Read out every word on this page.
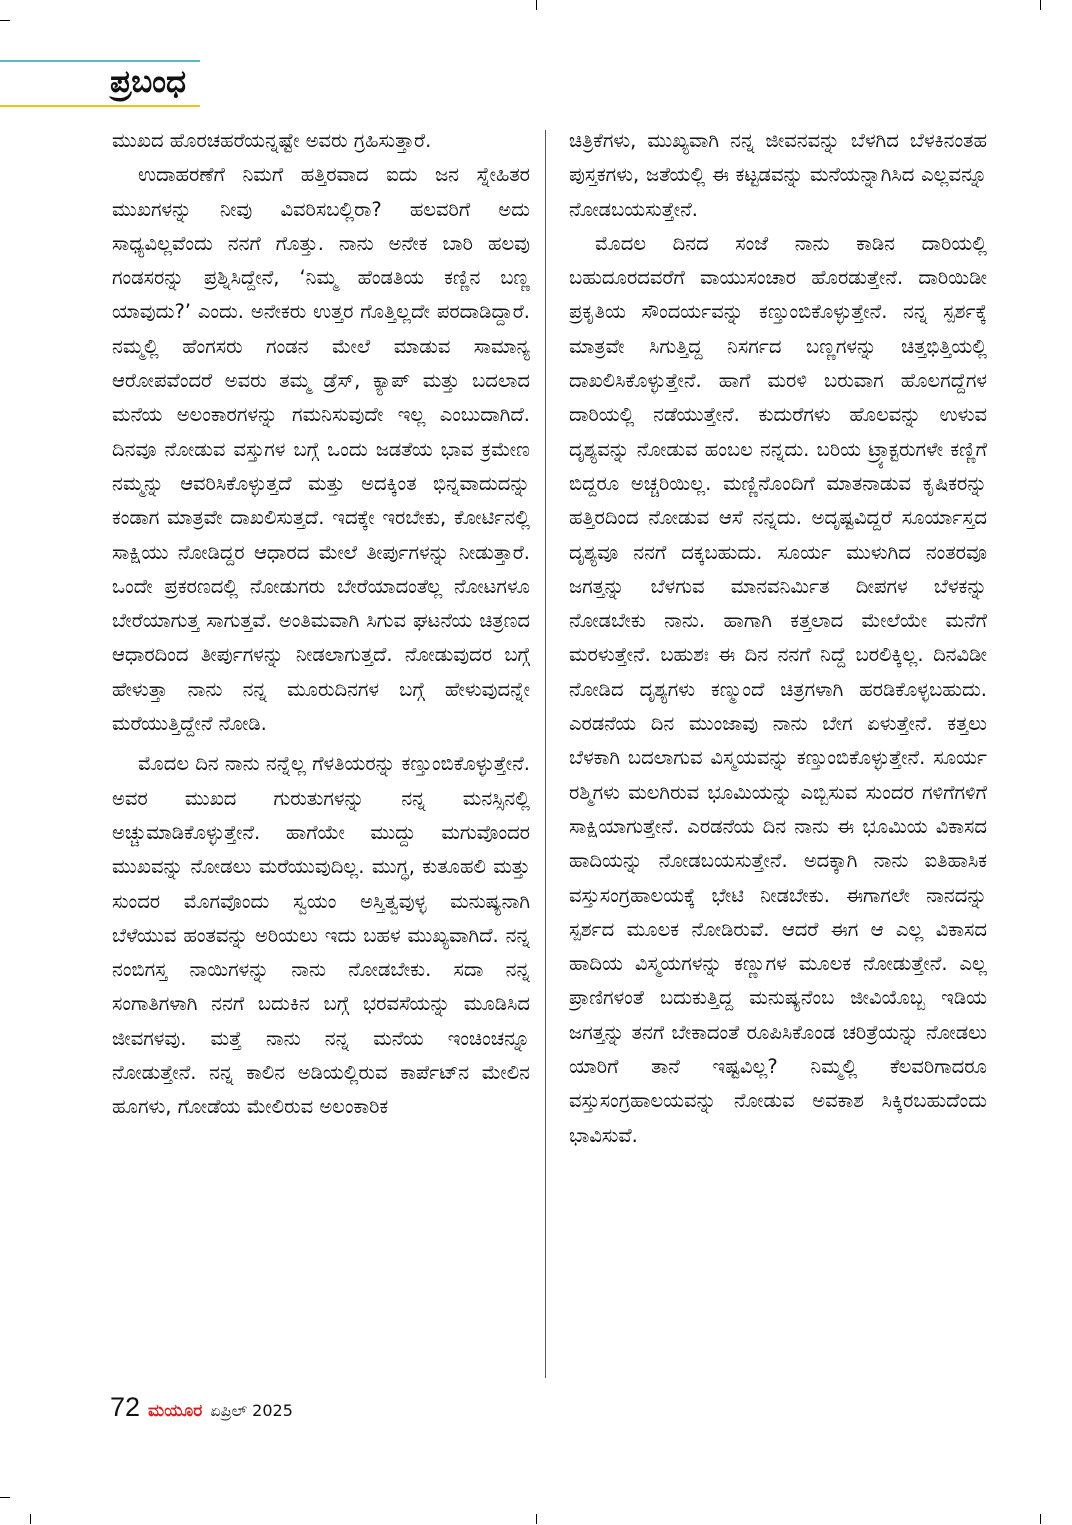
ಪ್ರಬಂಧ

ಮುಖದ ಹೊರಚಹರೆಯನ್ನಷ್ಟೇ ಅವರು ಗ್ರಹಿಸುತ್ತಾರೆ.

ಉದಾಹರಣೆಗೆ ನಿಮಗೆ ಹತ್ತಿರವಾದ ಐದು ಜನ ಸ್ನೇಹಿತರ ಮುಖಗಳನ್ನು ನೀವು ವಿವರಿಸಬಲ್ಲಿರಾ? ಹಲವರಿಗೆ ಅದು ಸಾಧ್ಯವಿಲ್ಲವೆಂದು ನನಗೆ ಗೊತ್ತು. ನಾನು ಅನೇಕ ಬಾರಿ ಹಲವು ಗಂಡಸರನ್ನು ಪ್ರಶ್ನಿಸಿದ್ದೇನೆ, ‘ನಿಮ್ಮ ಹೆಂಡತಿಯ ಕಣ್ಣಿನ ಬಣ್ಣ ಯಾವುದು?’ ಎಂದು. ಅನೇಕರು ಉತ್ತರ ಗೊತ್ತಿಲ್ಲದೇ ಪರದಾಡಿದ್ದಾರೆ. ನಮ್ಮಲ್ಲಿ ಹೆಂಗಸರು ಗಂಡನ ಮೇಲೆ ಮಾಡುವ ಸಾಮಾನ್ಯ ಆರೋಪವೆಂದರೆ ಅವರು ತಮ್ಮ ಡ್ರೆಸ್, ಕ್ಯಾಪ್ ಮತ್ತು ಬದಲಾದ ಮನೆಯ ಅಲಂಕಾರಗಳನ್ನು ಗಮನಿಸುವುದೇ ಇಲ್ಲ ಎಂಬುದಾಗಿದೆ. ದಿನವೂ ನೋಡುವ ವಸ್ತುಗಳ ಬಗ್ಗೆ ಒಂದು ಜಡತೆಯ ಭಾವ ಕ್ರಮೇಣ ನಮ್ಮನ್ನು ಆವರಿಸಿಕೊಳ್ಳುತ್ತದೆ ಮತ್ತು ಅದಕ್ಕಿಂತ ಭಿನ್ನವಾದುದನ್ನು ಕಂಡಾಗ ಮಾತ್ರವೇ ದಾಖಲಿಸುತ್ತದೆ. ಇದಕ್ಕೇ ಇರಬೇಕು, ಕೋರ್ಟಿನಲ್ಲಿ ಸಾಕ್ಷಿಯು ನೋಡಿದ್ದರ ಆಧಾರದ ಮೇಲೆ ತೀರ್ಪುಗಳನ್ನು ನೀಡುತ್ತಾರೆ. ಒಂದೇ ಪ್ರಕರಣದಲ್ಲಿ ನೋಡುಗರು ಬೇರೆಯಾದಂತೆಲ್ಲ ನೋಟಗಳೂ ಬೇರೆಯಾಗುತ್ತ ಸಾಗುತ್ತವೆ. ಅಂತಿಮವಾಗಿ ಸಿಗುವ ಘಟನೆಯ ಚಿತ್ರಣದ ಆಧಾರದಿಂದ ತೀರ್ಪುಗಳನ್ನು ನೀಡಲಾಗುತ್ತದೆ. ನೋಡುವುದರ ಬಗ್ಗೆ ಹೇಳುತ್ತಾ ನಾನು ನನ್ನ ಮೂರುದಿನಗಳ ಬಗ್ಗೆ ಹೇಳುವುದನ್ನೇ ಮರೆಯುತ್ತಿದ್ದೇನೆ ನೋಡಿ.

ಮೊದಲ ದಿನ ನಾನು ನನ್ನೆಲ್ಲ ಗೆಳತಿಯರನ್ನು ಕಣ್ತುಂಬಿಕೊಳ್ಳುತ್ತೇನೆ. ಅವರ ಮುಖದ ಗುರುತುಗಳನ್ನು ನನ್ನ ಮನಸ್ಸಿನಲ್ಲಿ ಅಚ್ಚುಮಾಡಿಕೊಳ್ಳುತ್ತೇನೆ. ಹಾಗೆಯೇ ಮುದ್ದು ಮಗುವೊಂದರ ಮುಖವನ್ನು ನೋಡಲು ಮರೆಯುವುದಿಲ್ಲ. ಮುಗ್ಧ, ಕುತೂಹಲಿ ಮತ್ತು ಸುಂದರ ಮೊಗವೊಂದು ಸ್ವಯಂ ಅಸ್ತಿತ್ವವುಳ್ಳ ಮನುಷ್ಯನಾಗಿ ಬೆಳೆಯುವ ಹಂತವನ್ನು ಅರಿಯಲು ಇದು ಬಹಳ ಮುಖ್ಯವಾಗಿದೆ. ನನ್ನ ನಂಬಿಗಸ್ತ ನಾಯಿಗಳನ್ನು ನಾನು ನೋಡಬೇಕು. ಸದಾ ನನ್ನ ಸಂಗಾತಿಗಳಾಗಿ ನನಗೆ ಬದುಕಿನ ಬಗ್ಗೆ ಭರವಸೆಯನ್ನು ಮೂಡಿಸಿದ ಜೀವಗಳವು. ಮತ್ತೆ ನಾನು ನನ್ನ ಮನೆಯ ಇಂಚಿಂಚನ್ನೂ ನೋಡುತ್ತೇನೆ. ನನ್ನ ಕಾಲಿನ ಅಡಿಯಲ್ಲಿರುವ ಕಾರ್ಪೆಟ್‌ನ ಮೇಲಿನ ಹೂಗಳು, ಗೋಡೆಯ ಮೇಲಿರುವ ಅಲಂಕಾರಿಕ

ಚಿತ್ರಿಕೆಗಳು, ಮುಖ್ಯವಾಗಿ ನನ್ನ ಜೀವನವನ್ನು ಬೆಳಗಿದ ಬೆಳಕಿನಂತಹ ಪುಸ್ತಕಗಳು, ಜತೆಯಲ್ಲಿ ಈ ಕಟ್ಟಡವನ್ನು ಮನೆಯನ್ನಾಗಿಸಿದ ಎಲ್ಲವನ್ನೂ ನೋಡಬಯಸುತ್ತೇನೆ.

ಮೊದಲ ದಿನದ ಸಂಜೆ ನಾನು ಕಾಡಿನ ದಾರಿಯಲ್ಲಿ ಬಹುದೂರದವರೆಗೆ ವಾಯುಸಂಚಾರ ಹೊರಡುತ್ತೇನೆ. ದಾರಿಯಿಡೀ ಪ್ರಕೃತಿಯ ಸೌಂದರ್ಯವನ್ನು ಕಣ್ತುಂಬಿಕೊಳ್ಳುತ್ತೇನೆ. ನನ್ನ ಸ್ಪರ್ಶಕ್ಕೆ ಮಾತ್ರವೇ ಸಿಗುತ್ತಿದ್ದ ನಿಸರ್ಗದ ಬಣ್ಣಗಳನ್ನು ಚಿತ್ತಭಿತ್ತಿಯಲ್ಲಿ ದಾಖಲಿಸಿಕೊಳ್ಳುತ್ತೇನೆ. ಹಾಗೆ ಮರಳಿ ಬರುವಾಗ ಹೊಲಗದ್ದೆಗಳ ದಾರಿಯಲ್ಲಿ ನಡೆಯುತ್ತೇನೆ. ಕುದುರೆಗಳು ಹೊಲವನ್ನು ಉಳುವ ದೃಶ್ಯವನ್ನು ನೋಡುವ ಹಂಬಲ ನನ್ನದು. ಬರಿಯ ಟ್ರ್ಯಾಕ್ಟರುಗಳೇ ಕಣ್ಣಿಗೆ ಬಿದ್ದರೂ ಅಚ್ಚರಿಯಿಲ್ಲ. ಮಣ್ಣಿನೊಂದಿಗೆ ಮಾತನಾಡುವ ಕೃಷಿಕರನ್ನು ಹತ್ತಿರದಿಂದ ನೋಡುವ ಆಸೆ ನನ್ನದು. ಅದೃಷ್ಟವಿದ್ದರೆ ಸೂರ್ಯಾಸ್ತದ ದೃಶ್ಯವೂ ನನಗೆ ದಕ್ಕಬಹುದು. ಸೂರ್ಯ ಮುಳುಗಿದ ನಂತರವೂ ಜಗತ್ತನ್ನು ಬೆಳಗುವ ಮಾನವನಿರ್ಮಿತ ದೀಪಗಳ ಬೆಳಕನ್ನು ನೋಡಬೇಕು ನಾನು. ಹಾಗಾಗಿ ಕತ್ತಲಾದ ಮೇಲೆಯೇ ಮನೆಗೆ ಮರಳುತ್ತೇನೆ. ಬಹುಶಃ ಈ ದಿನ ನನಗೆ ನಿದ್ದೆ ಬರಲಿಕ್ಕಿಲ್ಲ. ದಿನವಿಡೀ ನೋಡಿದ ದೃಶ್ಯಗಳು ಕಣ್ಮುಂದೆ ಚಿತ್ರಗಳಾಗಿ ಹರಡಿಕೊಳ್ಳಬಹುದು. ಎರಡನೆಯ ದಿನ ಮುಂಜಾವು ನಾನು ಬೇಗ ಏಳುತ್ತೇನೆ. ಕತ್ತಲು ಬೆಳಕಾಗಿ ಬದಲಾಗುವ ವಿಸ್ಮಯವನ್ನು ಕಣ್ತುಂಬಿಕೊಳ್ಳುತ್ತೇನೆ. ಸೂರ್ಯ ರಶ್ಮಿಗಳು ಮಲಗಿರುವ ಭೂಮಿಯನ್ನು ಎಬ್ಬಿಸುವ ಸುಂದರ ಗಳಿಗೆಗಳಿಗೆ ಸಾಕ್ಷಿಯಾಗುತ್ತೇನೆ. ಎರಡನೆಯ ದಿನ ನಾನು ಈ ಭೂಮಿಯ ವಿಕಾಸದ ಹಾದಿಯನ್ನು ನೋಡಬಯಸುತ್ತೇನೆ. ಅದಕ್ಕಾಗಿ ನಾನು ಐತಿಹಾಸಿಕ ವಸ್ತುಸಂಗ್ರಹಾಲಯಕ್ಕೆ ಭೇಟಿ ನೀಡಬೇಕು. ಈಗಾಗಲೇ ನಾನದನ್ನು ಸ್ಪರ್ಶದ ಮೂಲಕ ನೋಡಿರುವೆ. ಆದರೆ ಈಗ ಆ ಎಲ್ಲ ವಿಕಾಸದ ಹಾದಿಯ ವಿಸ್ಮಯಗಳನ್ನು ಕಣ್ಣುಗಳ ಮೂಲಕ ನೋಡುತ್ತೇನೆ. ಎಲ್ಲ ಪ್ರಾಣಿಗಳಂತೆ ಬದುಕುತ್ತಿದ್ದ ಮನುಷ್ಯನೆಂಬ ಜೀವಿಯೊಬ್ಬ ಇಡಿಯ ಜಗತ್ತನ್ನು ತನಗೆ ಬೇಕಾದಂತೆ ರೂಪಿಸಿಕೊಂಡ ಚರಿತ್ರೆಯನ್ನು ನೋಡಲು ಯಾರಿಗೆ ತಾನೆ ಇಷ್ಟವಿಲ್ಲ? ನಿಮ್ಮಲ್ಲಿ ಕೆಲವರಿಗಾದರೂ ವಸ್ತುಸಂಗ್ರಹಾಲಯವನ್ನು ನೋಡುವ ಅವಕಾಶ ಸಿಕ್ಕಿರಬಹುದೆಂದು ಭಾವಿಸುವೆ.

72 ಮಯೂರ ಏಪ್ರಿಲ್ 2025
